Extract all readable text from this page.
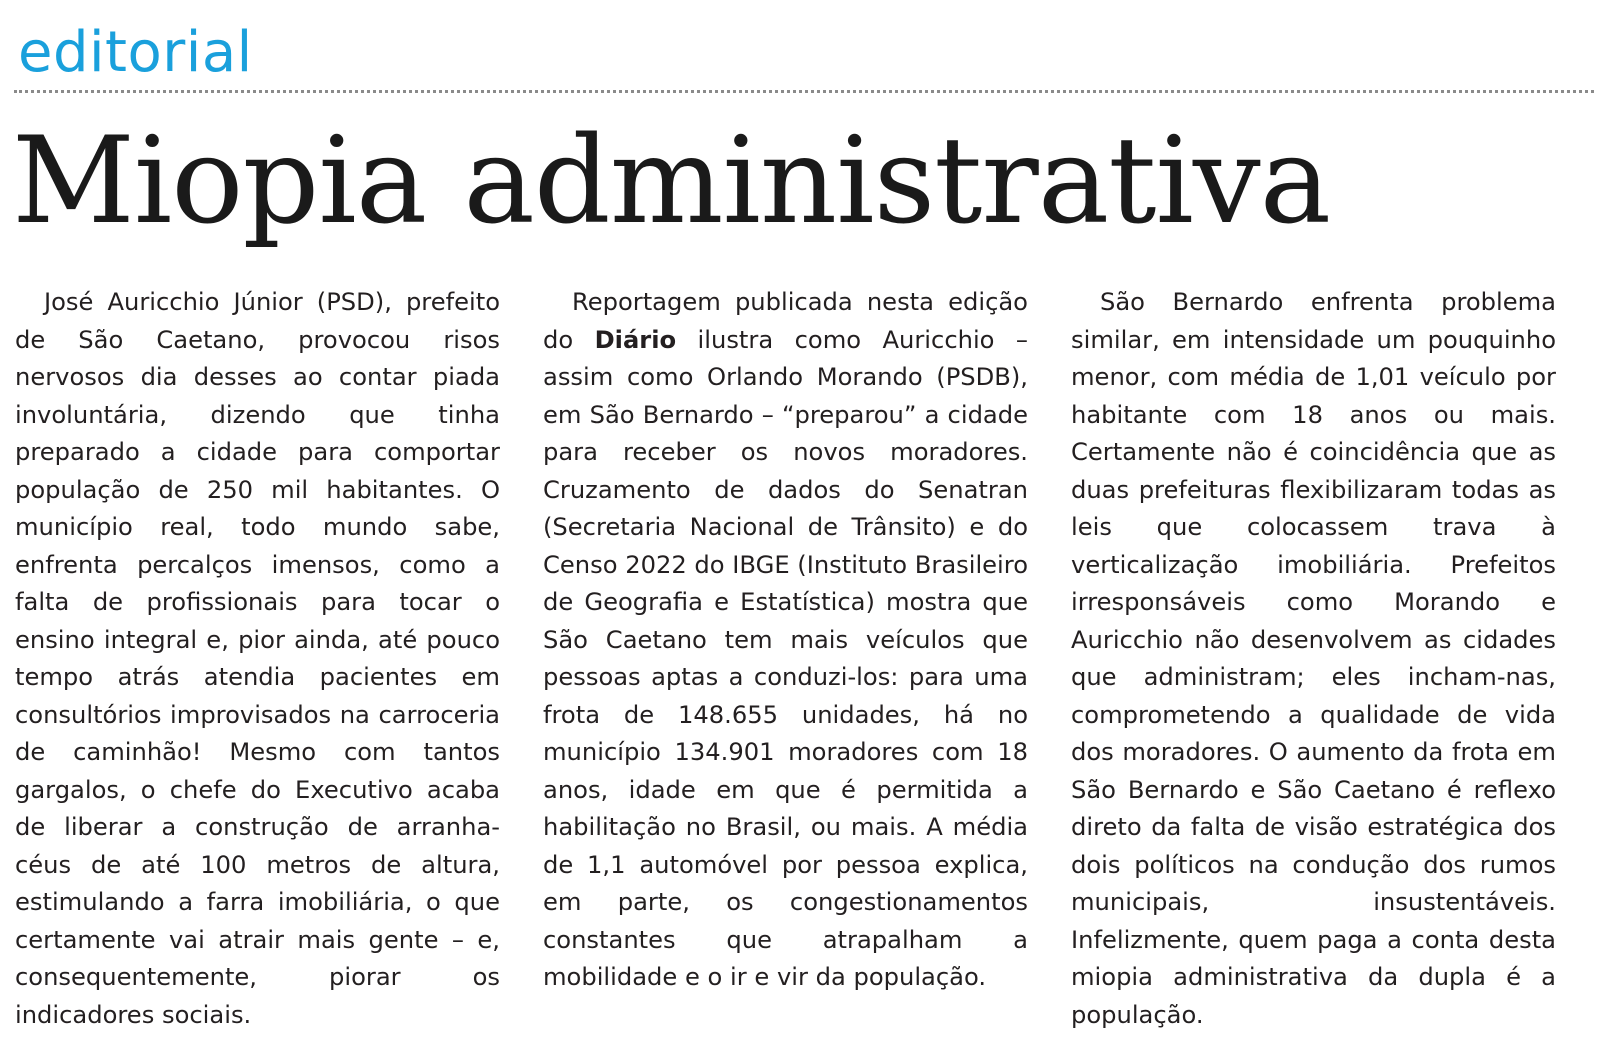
editorial
Miopia administrativa

José Auricchio Júnior (PSD), prefeito de São Caetano, provocou risos nervosos dia desses ao contar piada involuntária, dizendo que tinha preparado a cidade para comportar população de 250 mil habitantes. O município real, todo mundo sabe, enfrenta percalços imensos, como a falta de profissionais para tocar o ensino integral e, pior ainda, até pouco tempo atrás atendia pacientes em consultórios improvisados na carroceria de caminhão! Mesmo com tantos gargalos, o chefe do Executivo acaba de liberar a construção de arranha-céus de até 100 metros de altura, estimulando a farra imobiliária, o que certamente vai atrair mais gente – e, consequentemente, piorar os indicadores sociais.

Reportagem publicada nesta edição do Diário ilustra como Auricchio – assim como Orlando Morando (PSDB), em São Bernardo – “preparou” a cidade para receber os novos moradores. Cruzamento de dados do Senatran (Secretaria Nacional de Trânsito) e do Censo 2022 do IBGE (Instituto Brasileiro de Geografia e Estatística) mostra que São Caetano tem mais veículos que pessoas aptas a conduzi-los: para uma frota de 148.655 unidades, há no município 134.901 moradores com 18 anos, idade em que é permitida a habilitação no Brasil, ou mais. A média de 1,1 automóvel por pessoa explica, em parte, os congestionamentos constantes que atrapalham a mobilidade e o ir e vir da população.

São Bernardo enfrenta problema similar, em intensidade um pouquinho menor, com média de 1,01 veículo por habitante com 18 anos ou mais. Certamente não é coincidência que as duas prefeituras flexibilizaram todas as leis que colocassem trava à verticalização imobiliária. Prefeitos irresponsáveis como Morando e Auricchio não desenvolvem as cidades que administram; eles incham-nas, comprometendo a qualidade de vida dos moradores. O aumento da frota em São Bernardo e São Caetano é reflexo direto da falta de visão estratégica dos dois políticos na condução dos rumos municipais, insustentáveis. Infelizmente, quem paga a conta desta miopia administrativa da dupla é a população.
